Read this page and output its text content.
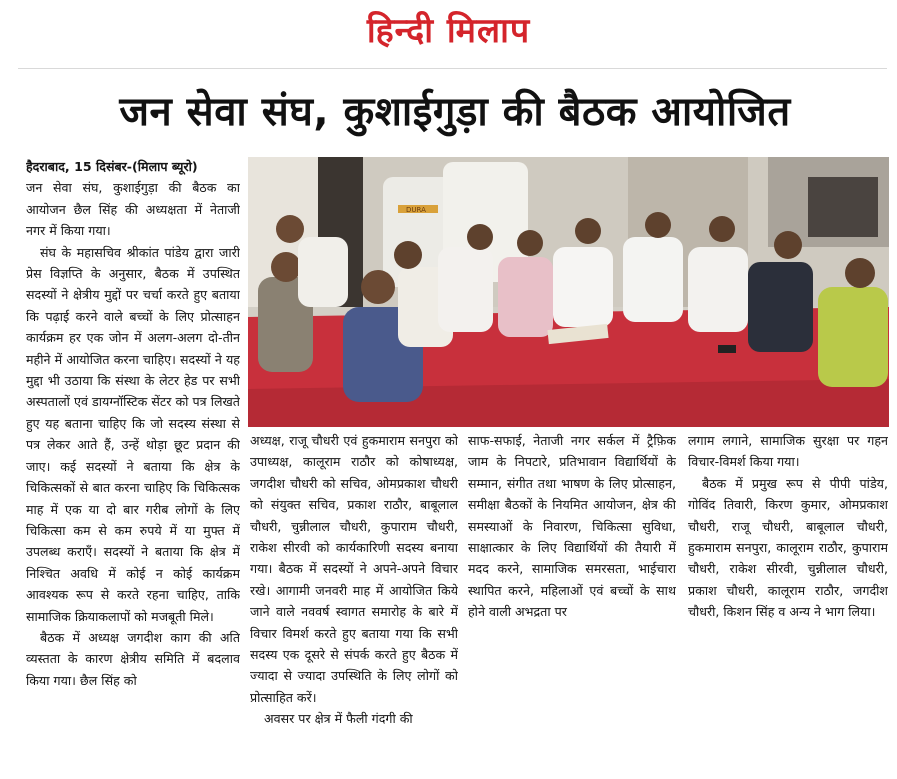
हिन्दी मिलाप
जन सेवा संघ, कुशाईगुड़ा की बैठक आयोजित

हैदराबाद, 15 दिसंबर-(मिलाप ब्यूरो)
जन सेवा संघ, कुशाईगुड़ा की बैठक का आयोजन छैल सिंह की अध्यक्षता में नेताजी नगर में किया गया।

संघ के महासचिव श्रीकांत पांडेय द्वारा जारी प्रेस विज्ञप्ति के अनुसार, बैठक में उपस्थित सदस्यों ने क्षेत्रीय मुद्दों पर चर्चा करते हुए बताया कि पढ़ाई करने वाले बच्चों के लिए प्रोत्साहन कार्यक्रम हर एक जोन में अलग-अलग दो-तीन महीने में आयोजित करना चाहिए। सदस्यों ने यह मुद्दा भी उठाया कि संस्था के लेटर हेड पर सभी अस्पतालों एवं डायग्नॉस्टिक सेंटर को पत्र लिखते हुए यह बताना चाहिए कि जो सदस्य संस्था से पत्र लेकर आते हैं, उन्हें थोड़ा छूट प्रदान की जाए। कई सदस्यों ने बताया कि क्षेत्र के चिकित्सकों से बात करना चाहिए कि चिकित्सक माह में एक या दो बार गरीब लोगों के लिए चिकित्सा कम से कम रुपये में या मुफ्त में उपलब्ध कराएँ। सदस्यों ने बताया कि क्षेत्र में निश्चित अवधि में कोई न कोई कार्यक्रम आवश्यक रूप से करते रहना चाहिए, ताकि सामाजिक क्रियाकलापों को मजबूती मिले।

बैठक में अध्यक्ष जगदीश काग की अति व्यस्तता के कारण क्षेत्रीय समिति में बदलाव किया गया। छैल सिंह को

DURA

अध्यक्ष, राजू चौधरी एवं हुकमाराम सनपुरा को उपाध्यक्ष, कालूराम राठौर को कोषाध्यक्ष, जगदीश चौधरी को सचिव, ओमप्रकाश चौधरी को संयुक्त सचिव, प्रकाश राठौर, बाबूलाल चौधरी, चुन्नीलाल चौधरी, कुपाराम चौधरी, राकेश सीरवी को कार्यकारिणी सदस्य बनाया गया। बैठक में सदस्यों ने अपने-अपने विचार रखे। आगामी जनवरी माह में आयोजित किये जाने वाले नववर्ष स्वागत समारोह के बारे में विचार विमर्श करते हुए बताया गया कि सभी सदस्य एक दूसरे से संपर्क करते हुए बैठक में ज्यादा से ज्यादा उपस्थिति के लिए लोगों को प्रोत्साहित करें।

अवसर पर क्षेत्र में फैली गंदगी की

साफ-सफाई, नेताजी नगर सर्कल में ट्रैफ़िक जाम के निपटारे, प्रतिभावान विद्यार्थियों के सम्मान, संगीत तथा भाषण के लिए प्रोत्साहन, समीक्षा बैठकों के नियमित आयोजन, क्षेत्र की समस्याओं के निवारण, चिकित्सा सुविधा, साक्षात्कार के लिए विद्यार्थियों की तैयारी में मदद करने, सामाजिक समरसता, भाईचारा स्थापित करने, महिलाओं एवं बच्चों के साथ होने वाली अभद्रता पर

लगाम लगाने, सामाजिक सुरक्षा पर गहन विचार-विमर्श किया गया।

बैठक में प्रमुख रूप से पीपी पांडेय, गोविंद तिवारी, किरण कुमार, ओमप्रकाश चौधरी, राजू चौधरी, बाबूलाल चौधरी, हुकमाराम सनपुरा, कालूराम राठौर, कुपाराम चौधरी, राकेश सीरवी, चुन्नीलाल चौधरी, प्रकाश चौधरी, कालूराम राठौर, जगदीश चौधरी, किशन सिंह व अन्य ने भाग लिया।
